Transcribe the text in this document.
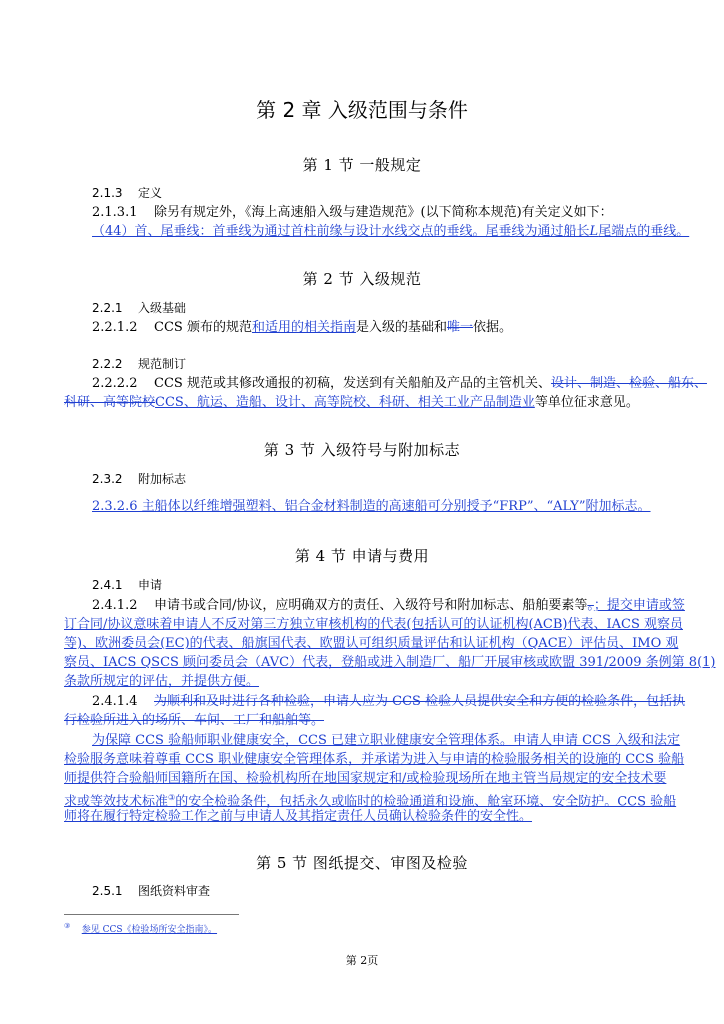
第 2 章 入级范围与条件
第 1 节 一般规定
2.1.3 定义
2.1.3.1 除另有规定外，《海上高速船入级与建造规范》(以下简称本规范)有关定义如下：
（44）首、尾垂线：首垂线为通过首柱前缘与设计水线交点的垂线。尾垂线为通过船长L尾端点的垂线。
第 2 节 入级规范
2.2.1 入级基础
2.2.1.2 CCS 颁布的规范和适用的相关指南是入级的基础和唯一依据。
2.2.2 规范制订
2.2.2.2 CCS 规范或其修改通报的初稿，发送到有关船舶及产品的主管机关、设计、制造、检验、船东、
科研、高等院校CCS、航运、造船、设计、高等院校、科研、相关工业产品制造业等单位征求意见。
第 3 节 入级符号与附加标志
2.3.2 附加标志
2.3.2.6 主船体以纤维增强塑料、铝合金材料制造的高速船可分别授予“FRP”、“ALY”附加标志。
第 4 节 申请与费用
2.4.1 申请
2.4.1.2 申请书或合同/协议，应明确双方的责任、入级符号和附加标志、船舶要素等。；提交申请或签
订合同/协议意味着申请人不反对第三方独立审核机构的代表(包括认可的认证机构(ACB)代表、IACS 观察员
等)、欧洲委员会(EC)的代表、船旗国代表、欧盟认可组织质量评估和认证机构（QACE）评估员、IMO 观
察员、IACS QSCS 顾问委员会（AVC）代表，登船或进入制造厂、船厂开展审核或欧盟 391/2009 条例第 8(1)
条款所规定的评估，并提供方便。
2.4.1.4 为顺利和及时进行各种检验，申请人应为 CCS 检验人员提供安全和方便的检验条件，包括执
行检验所进入的场所、车间、工厂和船舶等。
为保障 CCS 验船师职业健康安全，CCS 已建立职业健康安全管理体系。申请人申请 CCS 入级和法定
检验服务意味着尊重 CCS 职业健康安全管理体系，并承诺为进入与申请的检验服务相关的设施的 CCS 验船
师提供符合验船师国籍所在国、检验机构所在地国家规定和/或检验现场所在地主管当局规定的安全技术要
求或等效技术标准③的安全检验条件，包括永久或临时的检验通道和设施、舱室环境、安全防护。CCS 验船
师将在履行特定检验工作之前与申请人及其指定责任人员确认检验条件的安全性。
第 5 节 图纸提交、审图及检验
2.5.1 图纸资料审查
③ 参见 CCS《检验场所安全指南》。
第 2页
